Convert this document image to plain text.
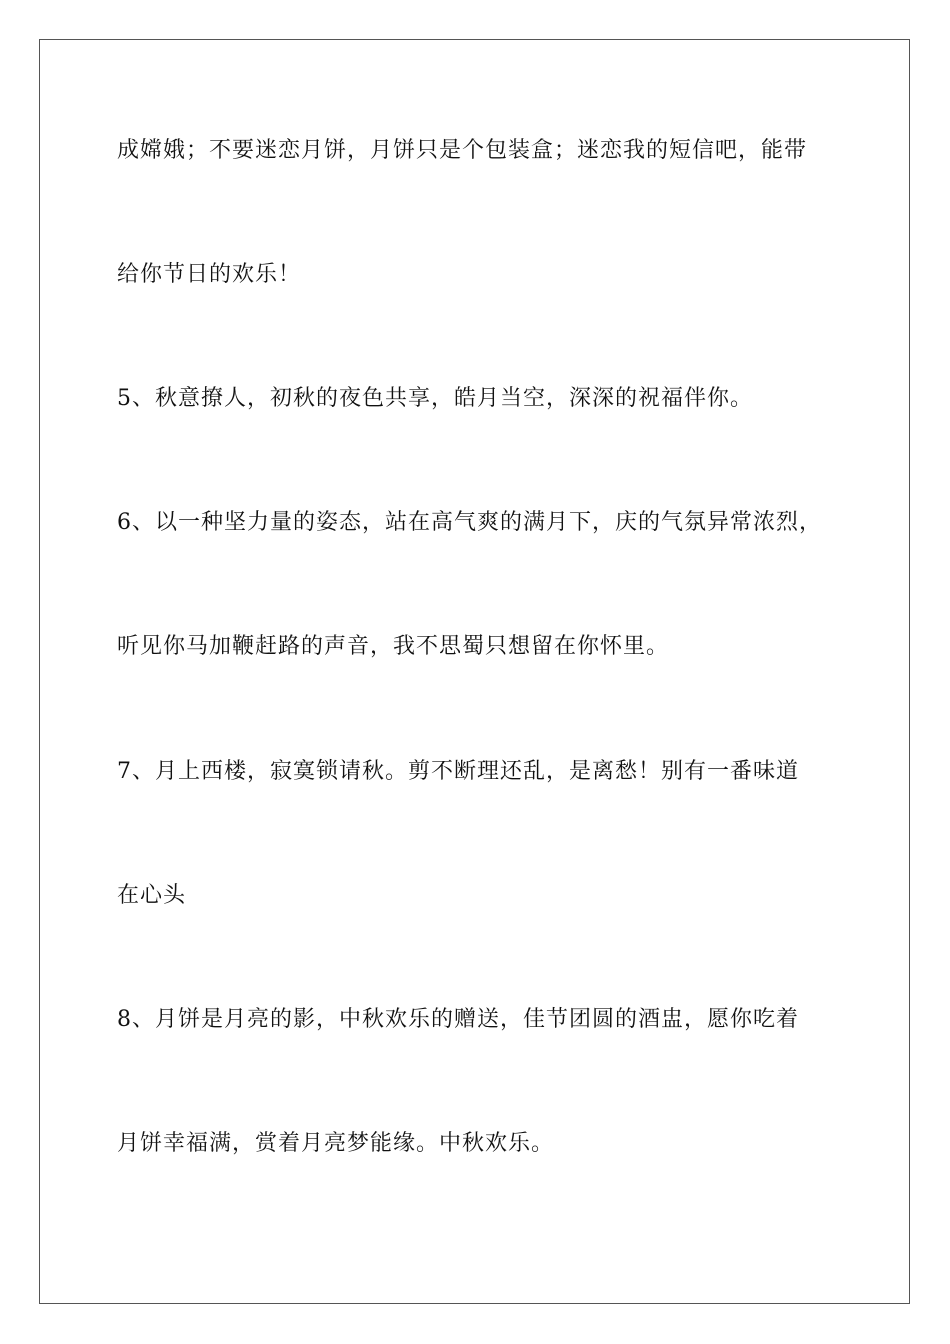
成嫦娥；不要迷恋月饼，月饼只是个包装盒；迷恋我的短信吧，能带
给你节日的欢乐！
5、秋意撩人，初秋的夜色共享，皓月当空，深深的祝福伴你。
6、以一种坚力量的姿态，站在高气爽的满月下，庆的气氛异常浓烈，
听见你马加鞭赶路的声音，我不思蜀只想留在你怀里。
7、月上西楼，寂寞锁请秋。剪不断理还乱，是离愁！别有一番味道
在心头
8、月饼是月亮的影，中秋欢乐的赠送，佳节团圆的酒盅，愿你吃着
月饼幸福满，赏着月亮梦能缘。中秋欢乐。
